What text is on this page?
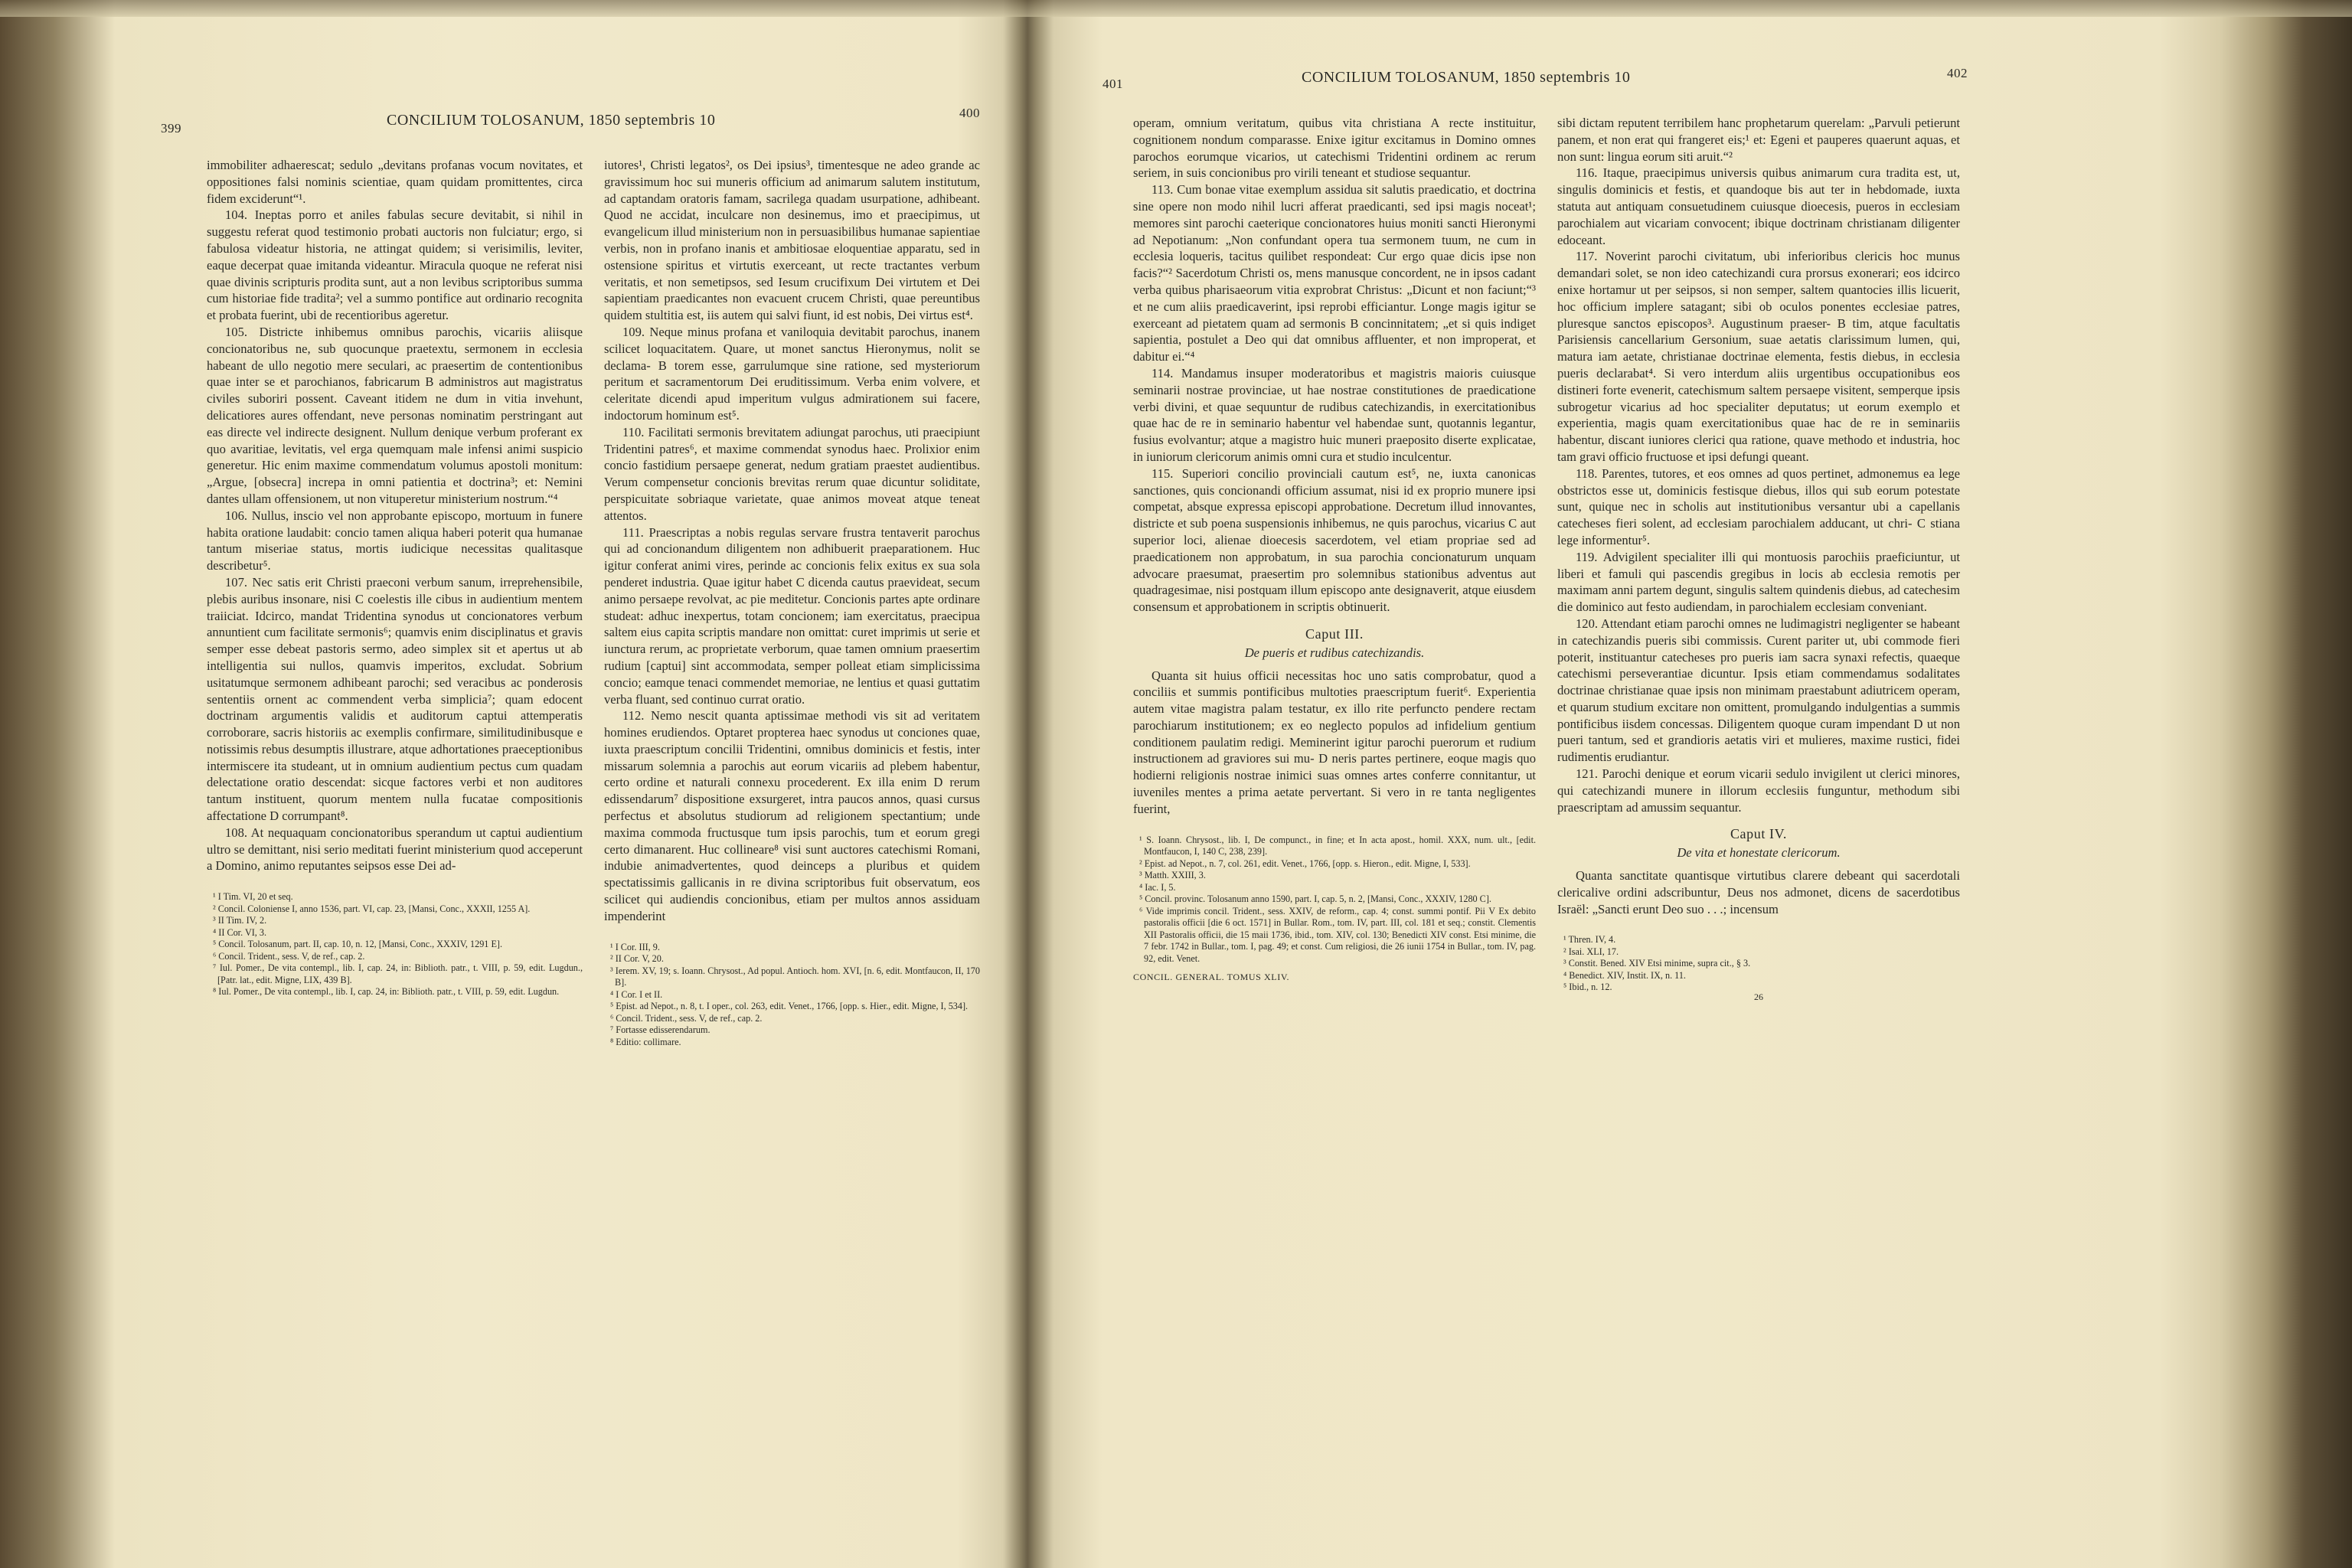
399	CONCILIUM TOLOSANUM, 1850 septembris 10	400

immobiliter adhaerescat; sedulo „devitans profanas vocum novitates, et oppositiones falsi nominis scientiae, quam quidam promittentes, circa fidem exciderunt“¹.

104. Ineptas porro et aniles fabulas secure devitabit, si nihil in suggestu referat quod testimonio probati auctoris non fulciatur; ergo, si fabulosa videatur historia, ne attingat quidem; si verisimilis, leviter, eaque decerpat quae imitanda videantur. Miracula quoque ne referat nisi quae divinis scripturis prodita sunt, aut a non levibus scriptoribus summa cum historiae fide tradita²; vel a summo pontifice aut ordinario recognita et probata fuerint, ubi de recentioribus ageretur.

105. Districte inhibemus omnibus parochis, vicariis aliisque concionatoribus ne, sub quocunque praetextu, sermonem in ecclesia habeant de ullo negotio mere seculari, ac praesertim de contentionibus quae inter se et parochianos, fabricarum B administros aut magistratus civiles suboriri possent. Caveant itidem ne dum in vitia invehunt, delicatiores aures offendant, neve personas nominatim perstringant aut eas directe vel indirecte designent. Nullum denique verbum proferant ex quo avaritiae, levitatis, vel erga quemquam male infensi animi suspicio generetur. Hic enim maxime commendatum volumus apostoli monitum: „Argue, [obsecra] increpa in omni patientia et doctrina³; et: Nemini dantes ullam offensionem, ut non vituperetur ministerium nostrum.“⁴

106. Nullus, inscio vel non approbante episcopo, mortuum in funere habita oratione laudabit: concio tamen aliqua haberi poterit qua humanae tantum miseriae status, mortis iudicique necessitas qualitasque describetur⁵.

107. Nec satis erit Christi praeconi verbum sanum, irreprehensibile, plebis auribus insonare, nisi C coelestis ille cibus in audientium mentem traiiciat. Idcirco, mandat Tridentina synodus ut concionatores verbum annuntient cum facilitate sermonis⁶; quamvis enim disciplinatus et gravis semper esse debeat pastoris sermo, adeo simplex sit et apertus ut ab intelligentia sui nullos, quamvis imperitos, excludat. Sobrium usitatumque sermonem adhibeant parochi; sed veracibus ac ponderosis sententiis ornent ac commendent verba simplicia⁷; quam edocent doctrinam argumentis validis et auditorum captui attemperatis corroborare, sacris historiis ac exemplis confirmare, similitudinibusque e notissimis rebus desumptis illustrare, atque adhortationes praeceptionibus intermiscere ita studeant, ut in omnium audientium pectus cum quadam delectatione oratio descendat: sicque factores verbi et non auditores tantum instituent, quorum mentem nulla fucatae compositionis affectatione D corrumpant⁸.

108. At nequaquam concionatoribus sperandum ut captui audientium ultro se demittant, nisi serio meditati fuerint ministerium quod acceperunt a Domino, animo reputantes seipsos esse Dei ad-

¹ I Tim. VI, 20 et seq.
² Concil. Coloniense I, anno 1536, part. VI, cap. 23, [Mansi, Conc., XXXII, 1255 A].
³ II Tim. IV, 2.
⁴ II Cor. VI, 3.
⁵ Concil. Tolosanum, part. II, cap. 10, n. 12, [Mansi, Conc., XXXIV, 1291 E].
⁶ Concil. Trident., sess. V, de ref., cap. 2.
⁷ Iul. Pomer., De vita contempl., lib. I, cap. 24, in: Biblioth. patr., t. VIII, p. 59, edit. Lugdun., [Patr. lat., edit. Migne, LIX, 439 B].
⁸ Iul. Pomer., De vita contempl., lib. I, cap. 24, in: Biblioth. patr., t. VIII, p. 59, edit. Lugdun.

iutores¹, Christi legatos², os Dei ipsius³, timentesque ne adeo grande ac gravissimum hoc sui muneris officium ad animarum salutem institutum, ad captandam oratoris famam, sacrilega quadam usurpatione, adhibeant. Quod ne accidat, inculcare non desinemus, imo et praecipimus, ut evangelicum illud ministerium non in persuasibilibus humanae sapientiae verbis, non in profano inanis et ambitiosae eloquentiae apparatu, sed in ostensione spiritus et virtutis exerceant, ut recte tractantes verbum veritatis, et non semetipsos, sed Iesum crucifixum Dei virtutem et Dei sapientiam praedicantes non evacuent crucem Christi, quae pereuntibus quidem stultitia est, iis autem qui salvi fiunt, id est nobis, Dei virtus est⁴.

109. Neque minus profana et vaniloquia devitabit parochus, inanem scilicet loquacitatem. Quare, ut monet sanctus Hieronymus, nolit se declama- B torem esse, garrulumque sine ratione, sed mysteriorum peritum et sacramentorum Dei eruditissimum. Verba enim volvere, et celeritate dicendi apud imperitum vulgus admirationem sui facere, indoctorum hominum est⁵.

110. Facilitati sermonis brevitatem adiungat parochus, uti praecipiunt Tridentini patres⁶, et maxime commendat synodus haec. Prolixior enim concio fastidium persaepe generat, nedum gratiam praestet audientibus. Verum compensetur concionis brevitas rerum quae dicuntur soliditate, perspicuitate sobriaque varietate, quae animos moveat atque teneat attentos.

111. Praescriptas a nobis regulas servare frustra tentaverit parochus qui ad concionandum diligentem non adhibuerit praeparationem. Huc igitur conferat animi vires, perinde ac concionis felix exitus ex sua sola penderet industria. Quae igitur habet C dicenda cautus praevideat, secum animo persaepe revolvat, ac pie meditetur. Concionis partes apte ordinare studeat: adhuc inexpertus, totam concionem; iam exercitatus, praecipua saltem eius capita scriptis mandare non omittat: curet imprimis ut serie et iunctura rerum, ac proprietate verborum, quae tamen omnium praesertim rudium [captui] sint accommodata, semper polleat etiam simplicissima concio; eamque tenaci commendet memoriae, ne lentius et quasi guttatim verba fluant, sed continuo currat oratio.

112. Nemo nescit quanta aptissimae methodi vis sit ad veritatem homines erudiendos. Optaret propterea haec synodus ut conciones quae, iuxta praescriptum concilii Tridentini, omnibus dominicis et festis, inter missarum solemnia a parochis aut eorum vicariis ad plebem habentur, certo ordine et naturali connexu procederent. Ex illa enim D rerum edissendarum⁷ dispositione exsurgeret, intra paucos annos, quasi cursus perfectus et absolutus studiorum ad religionem spectantium; unde maxima commoda fructusque tum ipsis parochis, tum et eorum gregi certo dimanarent. Huc collineare⁸ visi sunt auctores catechismi Romani, indubie animadvertentes, quod deinceps a pluribus et quidem spectatissimis gallicanis in re divina scriptoribus fuit observatum, eos scilicet qui audiendis concionibus, etiam per multos annos assiduam impenderint

¹ I Cor. III, 9.
² II Cor. V, 20.
³ Ierem. XV, 19; s. Ioann. Chrysost., Ad popul. Antioch. hom. XVI, [n. 6, edit. Montfaucon, II, 170 B].
⁴ I Cor. I et II.
⁵ Epist. ad Nepot., n. 8, t. I oper., col. 263, edit. Venet., 1766, [opp. s. Hier., edit. Migne, I, 534].
⁶ Concil. Trident., sess. V, de ref., cap. 2.
⁷ Fortasse edisserendarum.
⁸ Editio: collimare.
401	CONCILIUM TOLOSANUM, 1850 septembris 10	402

operam, omnium veritatum, quibus vita christiana A recte instituitur, cognitionem nondum comparasse. Enixe igitur excitamus in Domino omnes parochos eorumque vicarios, ut catechismi Tridentini ordinem ac rerum seriem, in suis concionibus pro virili teneant et studiose sequantur.

113. Cum bonae vitae exemplum assidua sit salutis praedicatio, et doctrina sine opere non modo nihil lucri afferat praedicanti, sed ipsi magis noceat¹; memores sint parochi caeterique concionatores huius moniti sancti Hieronymi ad Nepotianum: „Non confundant opera tua sermonem tuum, ne cum in ecclesia loqueris, tacitus quilibet respondeat: Cur ergo quae dicis ipse non facis?“² Sacerdotum Christi os, mens manusque concordent, ne in ipsos cadant verba quibus pharisaeorum vitia exprobrat Christus: „Dicunt et non faciunt;“³ et ne cum aliis praedicaverint, ipsi reprobi efficiantur. Longe magis igitur se exerceant ad pietatem quam ad sermonis B concinnitatem; „et si quis indiget sapientia, postulet a Deo qui dat omnibus affluenter, et non improperat, et dabitur ei.“⁴

114. Mandamus insuper moderatoribus et magistris maioris cuiusque seminarii nostrae provinciae, ut hae nostrae constitutiones de praedicatione verbi divini, et quae sequuntur de rudibus catechizandis, in exercitationibus quae hac de re in seminario habentur vel habendae sunt, quotannis legantur, fusius evolvantur; atque a magistro huic muneri praeposito diserte explicatae, in iuniorum clericorum animis omni cura et studio inculcentur.

115. Superiori concilio provinciali cautum est⁵, ne, iuxta canonicas sanctiones, quis concionandi officium assumat, nisi id ex proprio munere ipsi competat, absque expressa episcopi approbatione. Decretum illud innovantes, districte et sub poena suspensionis inhibemus, ne quis parochus, vicarius C aut superior loci, alienae dioecesis sacerdotem, vel etiam propriae sed ad praedicationem non approbatum, in sua parochia concionaturum unquam advocare praesumat, praesertim pro solemnibus stationibus adventus aut quadragesimae, nisi postquam illum episcopo ante designaverit, atque eiusdem consensum et approbationem in scriptis obtinuerit.

Caput III.
De pueris et rudibus catechizandis.

Quanta sit huius officii necessitas hoc uno satis comprobatur, quod a conciliis et summis pontificibus multoties praescriptum fuerit⁶. Experientia autem vitae magistra palam testatur, ex illo rite perfuncto pendere rectam parochiarum institutionem; ex eo neglecto populos ad infidelium gentium conditionem paulatim redigi. Meminerint igitur parochi puerorum et rudium instructionem ad graviores sui mu- D neris partes pertinere, eoque magis quo hodierni religionis nostrae inimici suas omnes artes conferre connitantur, ut iuveniles mentes a prima aetate pervertant. Si vero in re tanta negligentes fuerint,

¹ S. Ioann. Chrysost., lib. I, De compunct., in fine; et In acta apost., homil. XXX, num. ult., [edit. Montfaucon, I, 140 C, 238, 239].
² Epist. ad Nepot., n. 7, col. 261, edit. Venet., 1766, [opp. s. Hieron., edit. Migne, I, 533].
³ Matth. XXIII, 3.
⁴ Iac. I, 5.
⁵ Concil. provinc. Tolosanum anno 1590, part. I, cap. 5, n. 2, [Mansi, Conc., XXXIV, 1280 C].
⁶ Vide imprimis concil. Trident., sess. XXIV, de reform., cap. 4; const. summi pontif. Pii V Ex debito pastoralis officii [die 6 oct. 1571] in Bullar. Rom., tom. IV, part. III, col. 181 et seq.; constit. Clementis XII Pastoralis officii, die 15 maii 1736, ibid., tom. XIV, col. 130; Benedicti XIV const. Etsi minime, die 7 febr. 1742 in Bullar., tom. I, pag. 49; et const. Cum religiosi, die 26 iunii 1754 in Bullar., tom. IV, pag. 92, edit. Venet.
CONCIL. GENERAL. TOMUS XLIV.

sibi dictam reputent terribilem hanc prophetarum querelam: „Parvuli petierunt panem, et non erat qui frangeret eis;¹ et: Egeni et pauperes quaerunt aquas, et non sunt: lingua eorum siti aruit.“²

116. Itaque, praecipimus universis quibus animarum cura tradita est, ut, singulis dominicis et festis, et quandoque bis aut ter in hebdomade, iuxta statuta aut antiquam consuetudinem cuiusque dioecesis, pueros in ecclesiam parochialem aut vicariam convocent; ibique doctrinam christianam diligenter edoceant.

117. Noverint parochi civitatum, ubi inferioribus clericis hoc munus demandari solet, se non ideo catechizandi cura prorsus exonerari; eos idcirco enixe hortamur ut per seipsos, si non semper, saltem quantocies illis licuerit, hoc officium implere satagant; sibi ob oculos ponentes ecclesiae patres, pluresque sanctos episcopos³. Augustinum praeser- B tim, atque facultatis Parisiensis cancellarium Gersonium, suae aetatis clarissimum lumen, qui, matura iam aetate, christianae doctrinae elementa, festis diebus, in ecclesia pueris declarabat⁴. Si vero interdum aliis urgentibus occupationibus eos distineri forte evenerit, catechismum saltem persaepe visitent, semperque ipsis subrogetur vicarius ad hoc specialiter deputatus; ut eorum exemplo et experientia, magis quam exercitationibus quae hac de re in seminariis habentur, discant iuniores clerici qua ratione, quave methodo et industria, hoc tam gravi officio fructuose et ipsi defungi queant.

118. Parentes, tutores, et eos omnes ad quos pertinet, admonemus ea lege obstrictos esse ut, dominicis festisque diebus, illos qui sub eorum potestate sunt, quique nec in scholis aut institutionibus versantur ubi a capellanis catecheses fieri solent, ad ecclesiam parochialem adducant, ut chri- C stiana lege informentur⁵.

119. Advigilent specialiter illi qui montuosis parochiis praeficiuntur, ut liberi et famuli qui pascendis gregibus in locis ab ecclesia remotis per maximam anni partem degunt, singulis saltem quindenis diebus, ad catechesim die dominico aut festo audiendam, in parochialem ecclesiam conveniant.

120. Attendant etiam parochi omnes ne ludimagistri negligenter se habeant in catechizandis pueris sibi commissis. Curent pariter ut, ubi commode fieri poterit, instituantur catecheses pro pueris iam sacra synaxi refectis, quaeque catechismi perseverantiae dicuntur. Ipsis etiam commendamus sodalitates doctrinae christianae quae ipsis non minimam praestabunt adiutricem operam, et quarum studium excitare non omittent, promulgando indulgentias a summis pontificibus iisdem concessas. Diligentem quoque curam impendant D ut non pueri tantum, sed et grandioris aetatis viri et mulieres, maxime rustici, fidei rudimentis erudiantur.

121. Parochi denique et eorum vicarii sedulo invigilent ut clerici minores, qui catechizandi munere in illorum ecclesiis funguntur, methodum sibi praescriptam ad amussim sequantur.

Caput IV.
De vita et honestate clericorum.

Quanta sanctitate quantisque virtutibus clarere debeant qui sacerdotali clericalive ordini adscribuntur, Deus nos admonet, dicens de sacerdotibus Israël: „Sancti erunt Deo suo . . .; incensum

¹ Thren. IV, 4.
² Isai. XLI, 17.
³ Constit. Bened. XIV Etsi minime, supra cit., § 3.
⁴ Benedict. XIV, Instit. IX, n. 11.
⁵ Ibid., n. 12.
26
